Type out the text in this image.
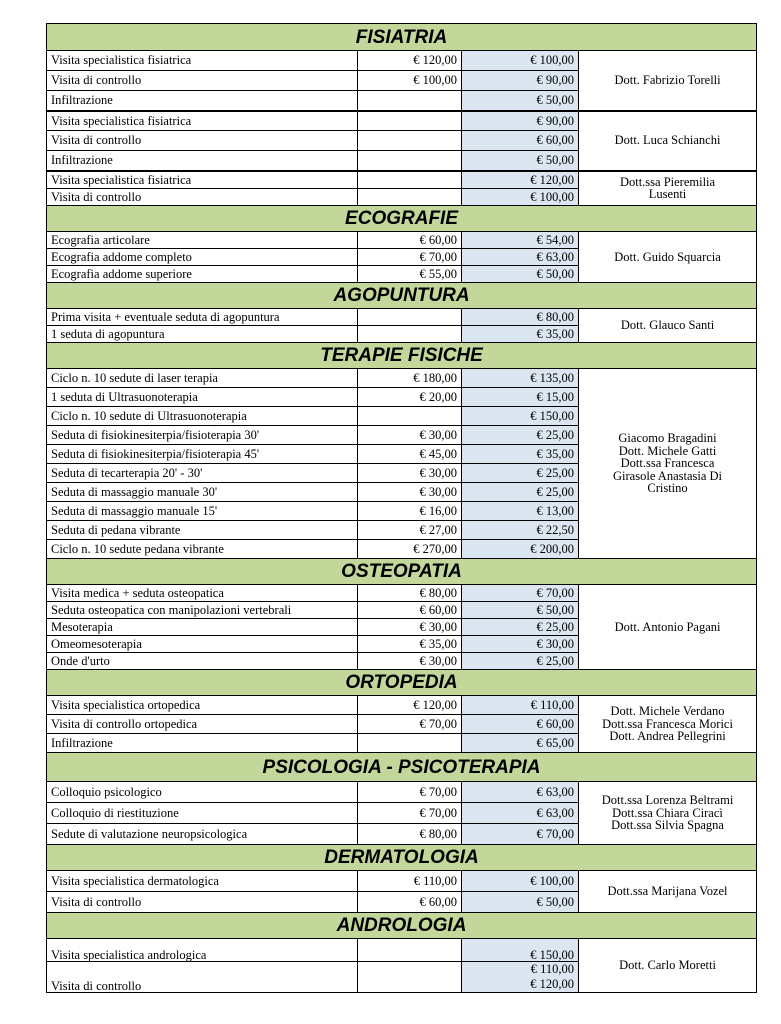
FISIATRIA			
Visita specialistica fisiatrica	€ 120,00	€ 100,00	Dott. Fabrizio Torelli

Visita di controllo	€ 100,00	€ 90,00	
Infiltrazione		€ 50,00	
Visita specialistica fisiatrica		€ 90,00	Dott. Luca Schianchi

Visita di controllo		€ 60,00	
Infiltrazione		€ 50,00	
Visita specialistica fisiatrica		€ 120,00	Dott.ssa Pieremilia
Lusenti

Visita di controllo		€ 100,00	
ECOGRAFIE			
Ecografia articolare	€ 60,00	€ 54,00	Dott. Guido Squarcia

Ecografia addome completo	€ 70,00	€ 63,00	
Ecografia addome superiore	€ 55,00	€ 50,00	
AGOPUNTURA			
Prima visita + eventuale seduta di agopuntura		€ 80,00	Dott. Glauco Santi

1 seduta di agopuntura		€ 35,00	
TERAPIE FISICHE			
Ciclo n. 10 sedute di laser terapia	€ 180,00	€ 135,00	Giacomo Bragadini
Dott. Michele Gatti
Dott.ssa Francesca
Girasole Anastasia Di
Cristino

1 seduta di Ultrasuonoterapia	€ 20,00	€ 15,00	
Ciclo n. 10 sedute di Ultrasuonoterapia		€ 150,00	
Seduta di fisiokinesiterpia/fisioterapia 30'	€ 30,00	€ 25,00	
Seduta di fisiokinesiterpia/fisioterapia 45'	€ 45,00	€ 35,00	
Seduta di tecarterapia 20' - 30'	€ 30,00	€ 25,00	
Seduta di massaggio manuale 30'	€ 30,00	€ 25,00	
Seduta di massaggio manuale 15'	€ 16,00	€ 13,00	
Seduta di pedana vibrante	€ 27,00	€ 22,50	
Ciclo n. 10 sedute pedana vibrante	€ 270,00	€ 200,00	
OSTEOPATIA			
Visita medica + seduta osteopatica	€ 80,00	€ 70,00	Dott. Antonio Pagani

Seduta osteopatica con manipolazioni vertebrali	€ 60,00	€ 50,00	
Mesoterapia	€ 30,00	€ 25,00	
Omeomesoterapia	€ 35,00	€ 30,00	
Onde d'urto	€ 30,00	€ 25,00	
ORTOPEDIA			
Visita specialistica ortopedica	€ 120,00	€ 110,00	Dott. Michele Verdano
Dott.ssa Francesca Morici
Dott. Andrea Pellegrini

Visita di controllo ortopedica	€ 70,00	€ 60,00	
Infiltrazione		€ 65,00	
PSICOLOGIA - PSICOTERAPIA			
Colloquio psicologico	€ 70,00	€ 63,00	Dott.ssa Lorenza Beltrami
Dott.ssa Chiara Ciracì
Dott.ssa Silvia Spagna

Colloquio di riestituzione	€ 70,00	€ 63,00	
Sedute di valutazione neuropsicologica	€ 80,00	€ 70,00	
DERMATOLOGIA			
Visita specialistica dermatologica	€ 110,00	€ 100,00	Dott.ssa Marijana Vozel

Visita di controllo	€ 60,00	€ 50,00	
ANDROLOGIA			
Visita specialistica andrologica		€ 150,00	Dott. Carlo Moretti

Visita di controllo		€ 110,00
€ 120,00	
